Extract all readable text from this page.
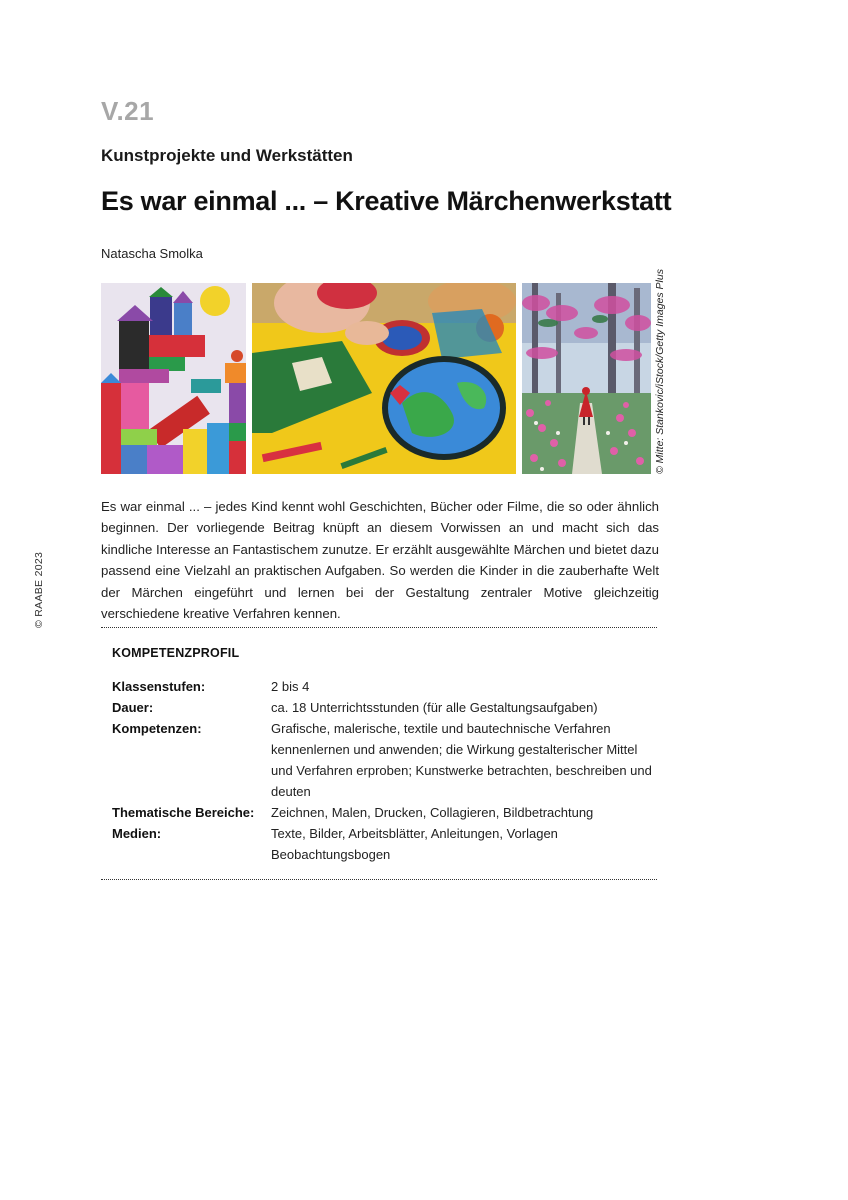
V.21
Kunstprojekte und Werkstätten
Es war einmal ... – Kreative Märchenwerkstatt
Natascha Smolka
© Mitte: Stankovic/iStock/Getty Images Plus
© RAABE 2023
Es war einmal ... – jedes Kind kennt wohl Geschichten, Bücher oder Filme, die so oder ähnlich beginnen. Der vorliegende Beitrag knüpft an diesem Vorwissen an und macht sich das kindliche Interesse an Fantastischem zunutze. Er erzählt ausgewählte Märchen und bietet dazu passend eine Vielzahl an praktischen Aufgaben. So werden die Kinder in die zauberhafte Welt der Märchen eingeführt und lernen bei der Gestaltung zentraler Motive gleichzeitig verschiedene kreative Verfahren kennen.
KOMPETENZPROFIL
Klassenstufen:	2 bis 4
Dauer:	ca. 18 Unterrichtsstunden (für alle Gestaltungsaufgaben)
Kompetenzen:	Grafische, malerische, textile und bautechnische Verfahren kennenlernen und anwenden; die Wirkung gestalterischer Mittel und Verfahren erproben; Kunstwerke betrachten, beschreiben und deuten
Thematische Bereiche:	Zeichnen, Malen, Drucken, Collagieren, Bildbetrachtung
Medien:	Texte, Bilder, Arbeitsblätter, Anleitungen, Vorlagen Beobachtungsbogen
